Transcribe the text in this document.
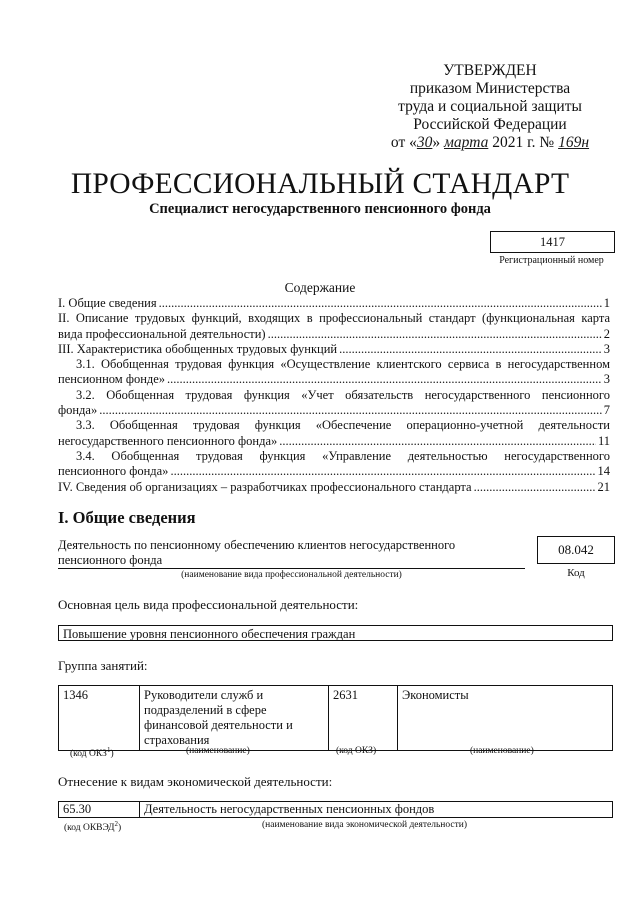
УТВЕРЖДЕН
приказом Министерства
труда и социальной защиты
Российской Федерации
от «30» марта 2021 г. № 169н
ПРОФЕССИОНАЛЬНЫЙ СТАНДАРТ
Специалист негосударственного пенсионного фонда
1417
Регистрационный номер
Содержание
I. Общие сведения .....	1
II. Описание трудовых функций, входящих в профессиональный стандарт (функциональная карта
вида профессиональной деятельности) .....	2
III. Характеристика обобщенных трудовых функций .....	3
3.1. Обобщенная трудовая функция «Осуществление клиентского сервиса в негосударственном
пенсионном фонде» .....	3
3.2. Обобщенная трудовая функция «Учет обязательств негосударственного пенсионного
фонда» .....	7
3.3. Обобщенная трудовая функция «Обеспечение операционно-учетной деятельности
негосударственного пенсионного фонда» .....	11
3.4. Обобщенная трудовая функция «Управление деятельностью негосударственного
пенсионного фонда» .....	14
IV. Сведения об организациях – разработчиках профессионального стандарта .....	21
I. Общие сведения
Деятельность по пенсионному обеспечению клиентов негосударственного
пенсионного фонда
(наименование вида профессиональной деятельности)
08.042
Код
Основная цель вида профессиональной деятельности:
Повышение уровня пенсионного обеспечения граждан
Группа занятий:
1346	Руководители служб и подразделений в сфере финансовой деятельности и страхования	2631	Экономисты
(код ОКЗ$^1$)	(наименование)	(код ОКЗ)	(наименование)
Отнесение к видам экономической деятельности:
65.30	Деятельность негосударственных пенсионных фондов
(код ОКВЭД$^2$)	(наименование вида экономической деятельности)
